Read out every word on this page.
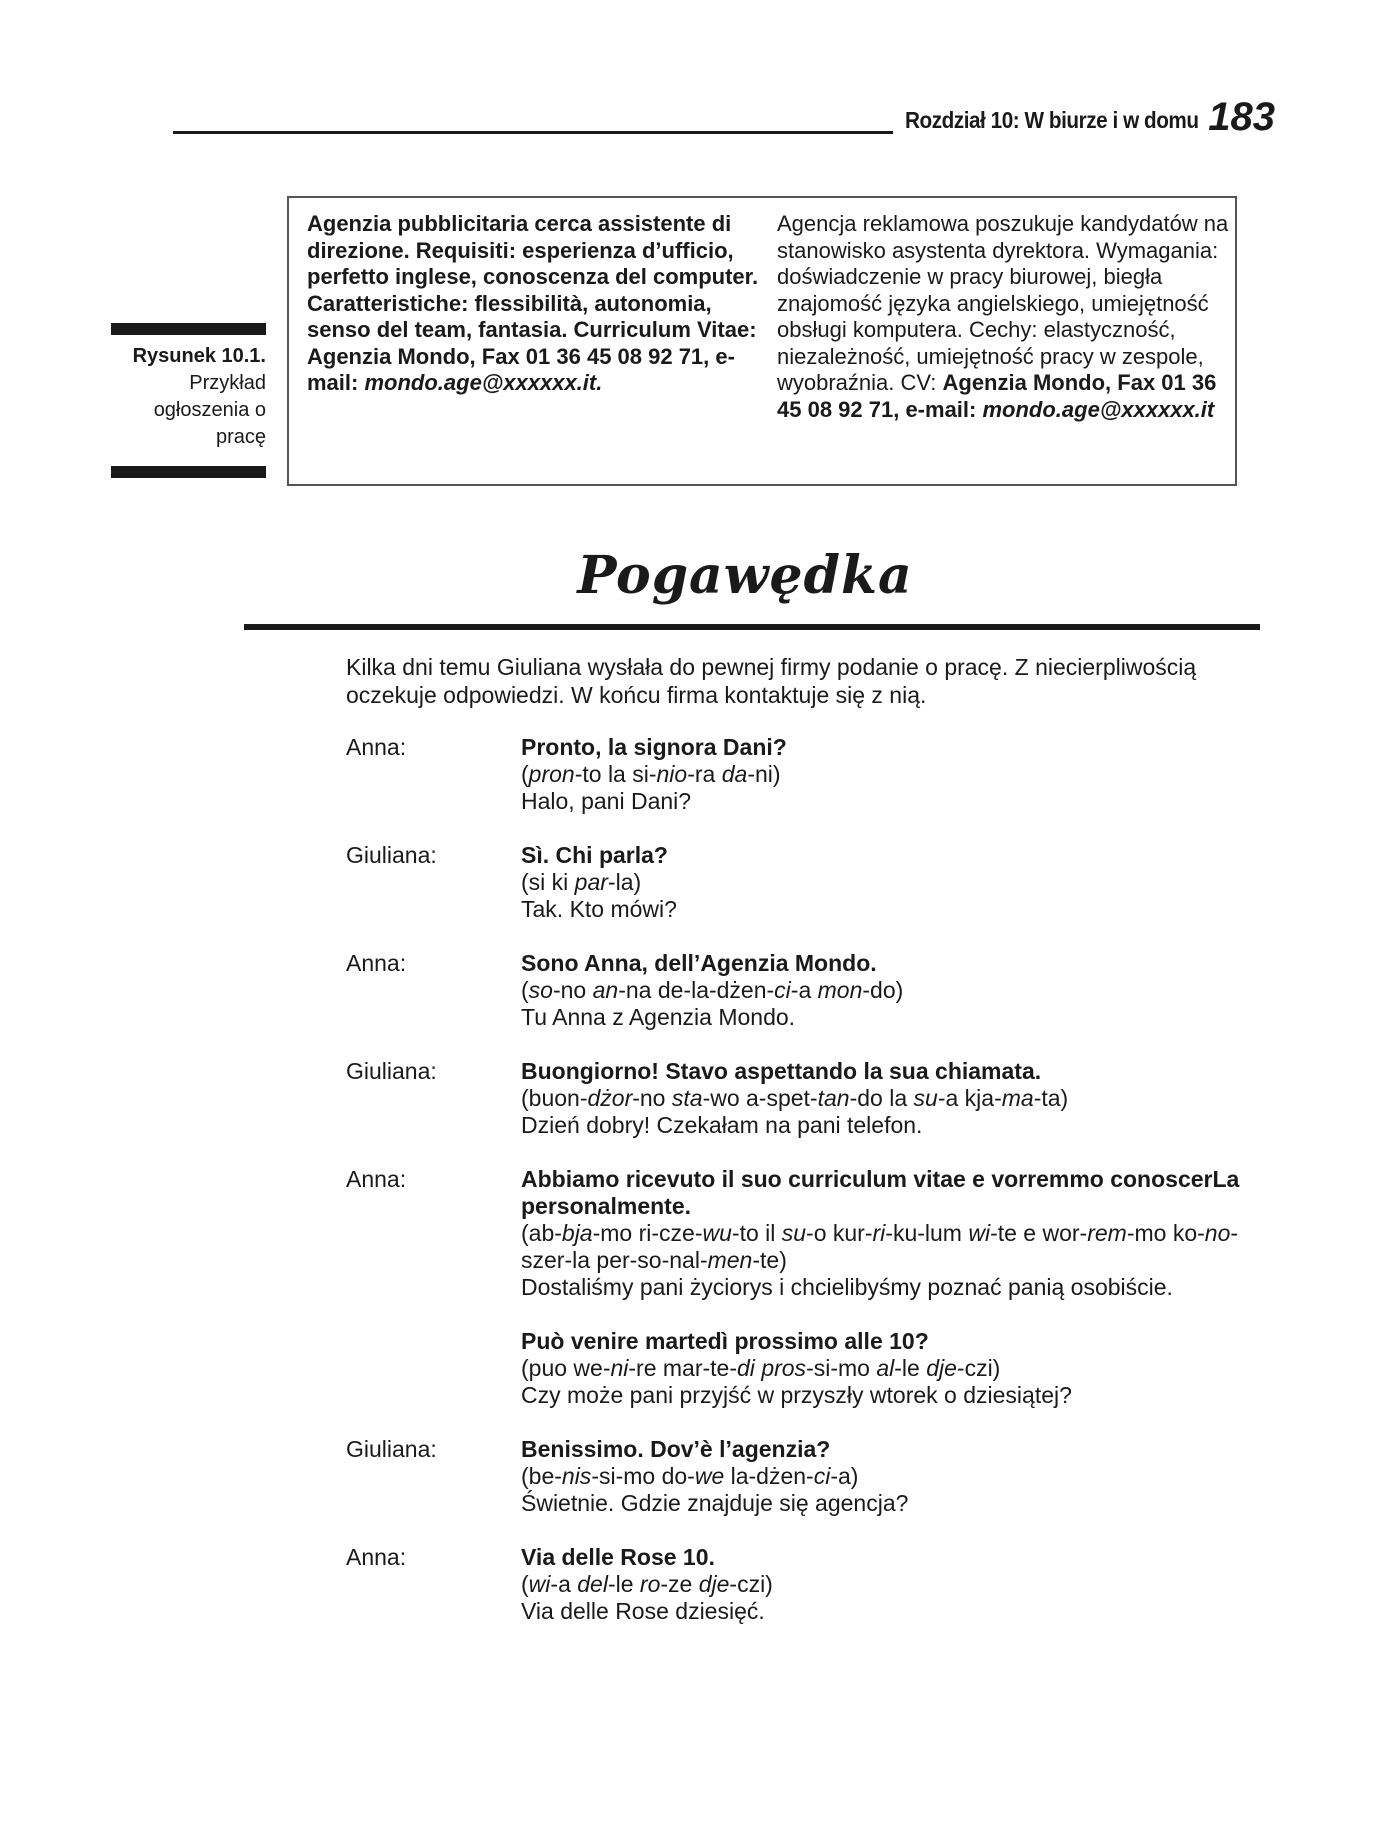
Rozdział 10: W biurze i w domu 183
Rysunek 10.1.
Przykład ogłoszenia o pracę
Agenzia pubblicitaria cerca assistente di direzione. Requisiti: esperienza d’ufficio, perfetto inglese, conoscenza del computer. Caratteristiche: flessibilità, autonomia, senso del team, fantasia. Curriculum Vitae: Agenzia Mondo, Fax 01 36 45 08 92 71, e-mail: mondo.age@xxxxxx.it.
Agencja reklamowa poszukuje kandydatów na stanowisko asystenta dyrektora. Wymagania: doświadczenie w pracy biurowej, biegła znajomość języka angielskiego, umiejętność obsługi komputera. Cechy: elastyczność, niezależność, umiejętność pracy w zespole, wyobraźnia. CV: Agenzia Mondo, Fax 01 36 45 08 92 71, e-mail: mondo.age@xxxxxx.it
Pogawędka
Kilka dni temu Giuliana wysłała do pewnej firmy podanie o pracę. Z niecierpliwością oczekuje odpowiedzi. W końcu firma kontaktuje się z nią.
Anna:	Pronto, la signora Dani?
(pron-to la si-nio-ra da-ni)
Halo, pani Dani?
Giuliana:	Sì. Chi parla?
(si ki par-la)
Tak. Kto mówi?
Anna:	Sono Anna, dell’Agenzia Mondo.
(so-no an-na de-la-dżen-ci-a mon-do)
Tu Anna z Agenzia Mondo.
Giuliana:	Buongiorno! Stavo aspettando la sua chiamata.
(buon-dżor-no sta-wo a-spet-tan-do la su-a kja-ma-ta)
Dzień dobry! Czekałam na pani telefon.
Anna:	Abbiamo ricevuto il suo curriculum vitae e vorremmo conoscerLa personalmente.
(ab-bja-mo ri-cze-wu-to il su-o kur-ri-ku-lum wi-te e wor-rem-mo ko-no-szer-la per-so-nal-men-te)
Dostaliśmy pani życiorys i chcielibyśmy poznać panią osobiście.
Può venire martedì prossimo alle 10?
(puo we-ni-re mar-te-di pros-si-mo al-le dje-czi)
Czy może pani przyjść w przyszły wtorek o dziesiątej?
Giuliana:	Benissimo. Dov’è l’agenzia?
(be-nis-si-mo do-we la-dżen-ci-a)
Świetnie. Gdzie znajduje się agencja?
Anna:	Via delle Rose 10.
(wi-a del-le ro-ze dje-czi)
Via delle Rose dziesięć.
